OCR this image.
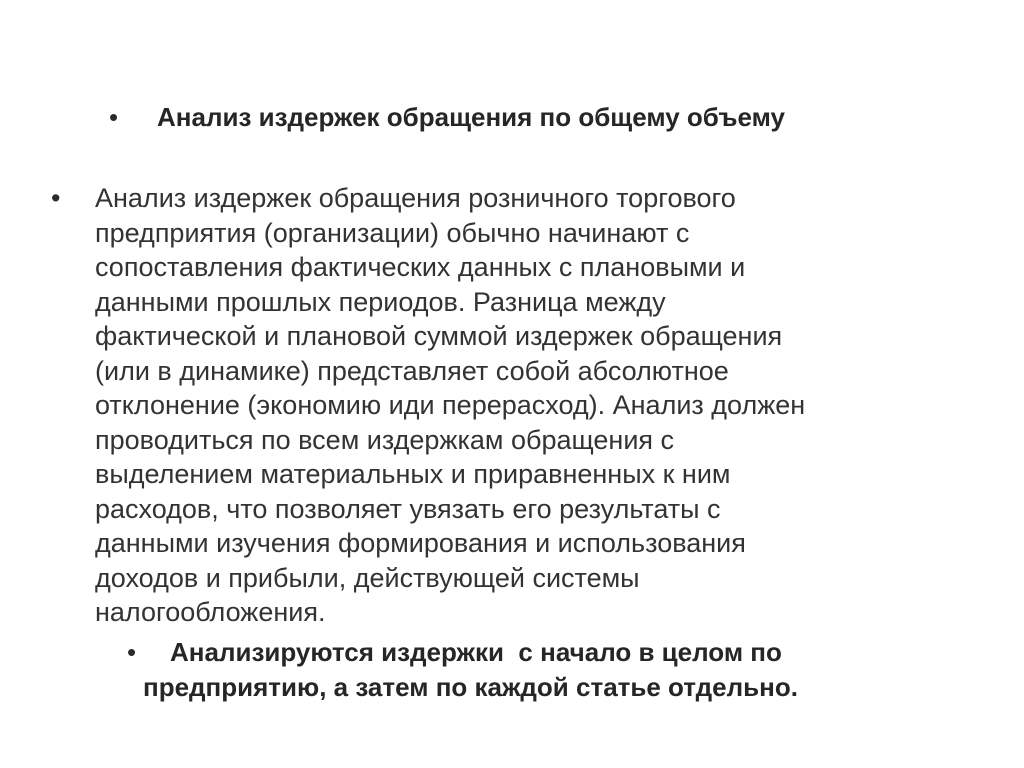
• Анализ издержек обращения по общему объему
• Анализ издержек обращения розничного торгового
предприятия (организации) обычно начинают с
сопоставления фактических данных с плановыми и
данными прошлых периодов. Разница между
фактической и плановой суммой издержек обращения
(или в динамике) представляет собой абсолютное
отклонение (экономию иди перерасход). Анализ должен
проводиться по всем издержкам обращения с
выделением материальных и приравненных к ним
расходов, что позволяет увязать его результаты с
данными изучения формирования и использования
доходов и прибыли, действующей системы
налогообложения.
• Анализируются издержки  с начало в целом по
предприятию, а затем по каждой статье отдельно.
